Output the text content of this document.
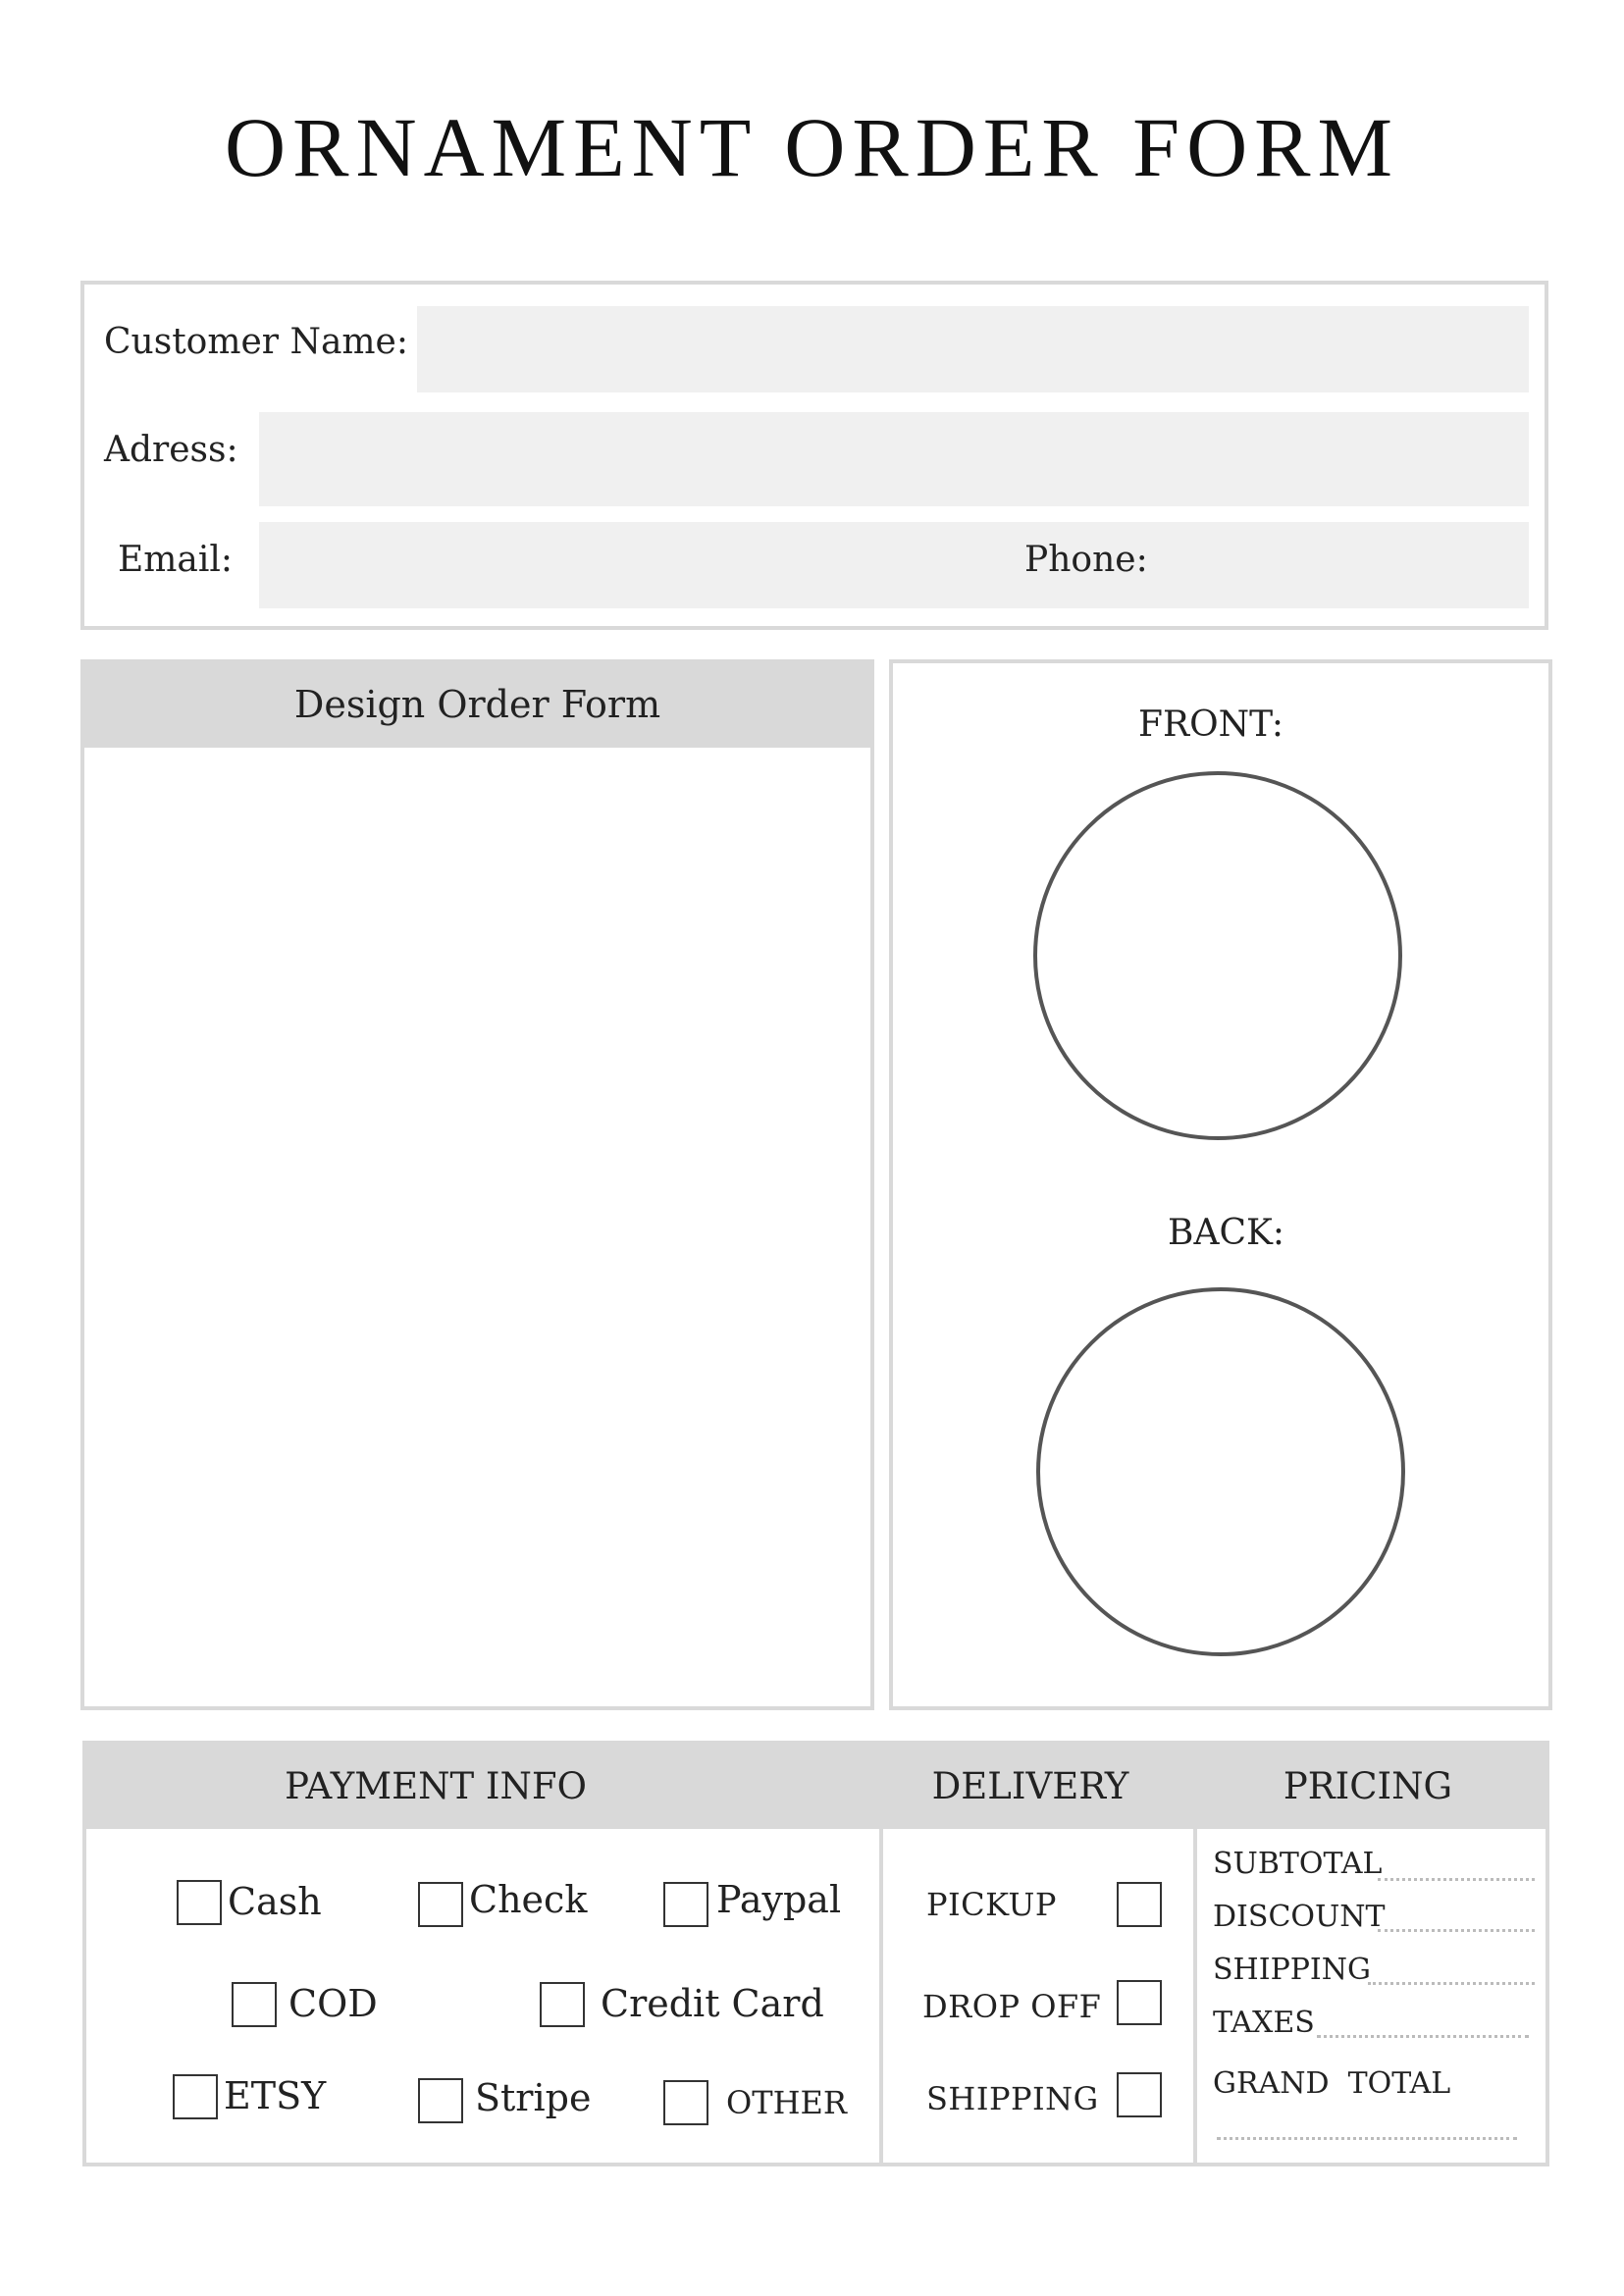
ORNAMENT ORDER FORM
Customer Name:
Adress:
Email:	Phone:
Design Order Form	FRONT:
BACK:
PAYMENT INFO	DELIVERY	PRICING
Cash	Check	Paypal
COD	Credit Card
ETSY	Stripe	OTHER
PICKUP
DROP OFF
SHIPPING
SUBTOTAL
DISCOUNT
SHIPPING
TAXES
GRAND  TOTAL
